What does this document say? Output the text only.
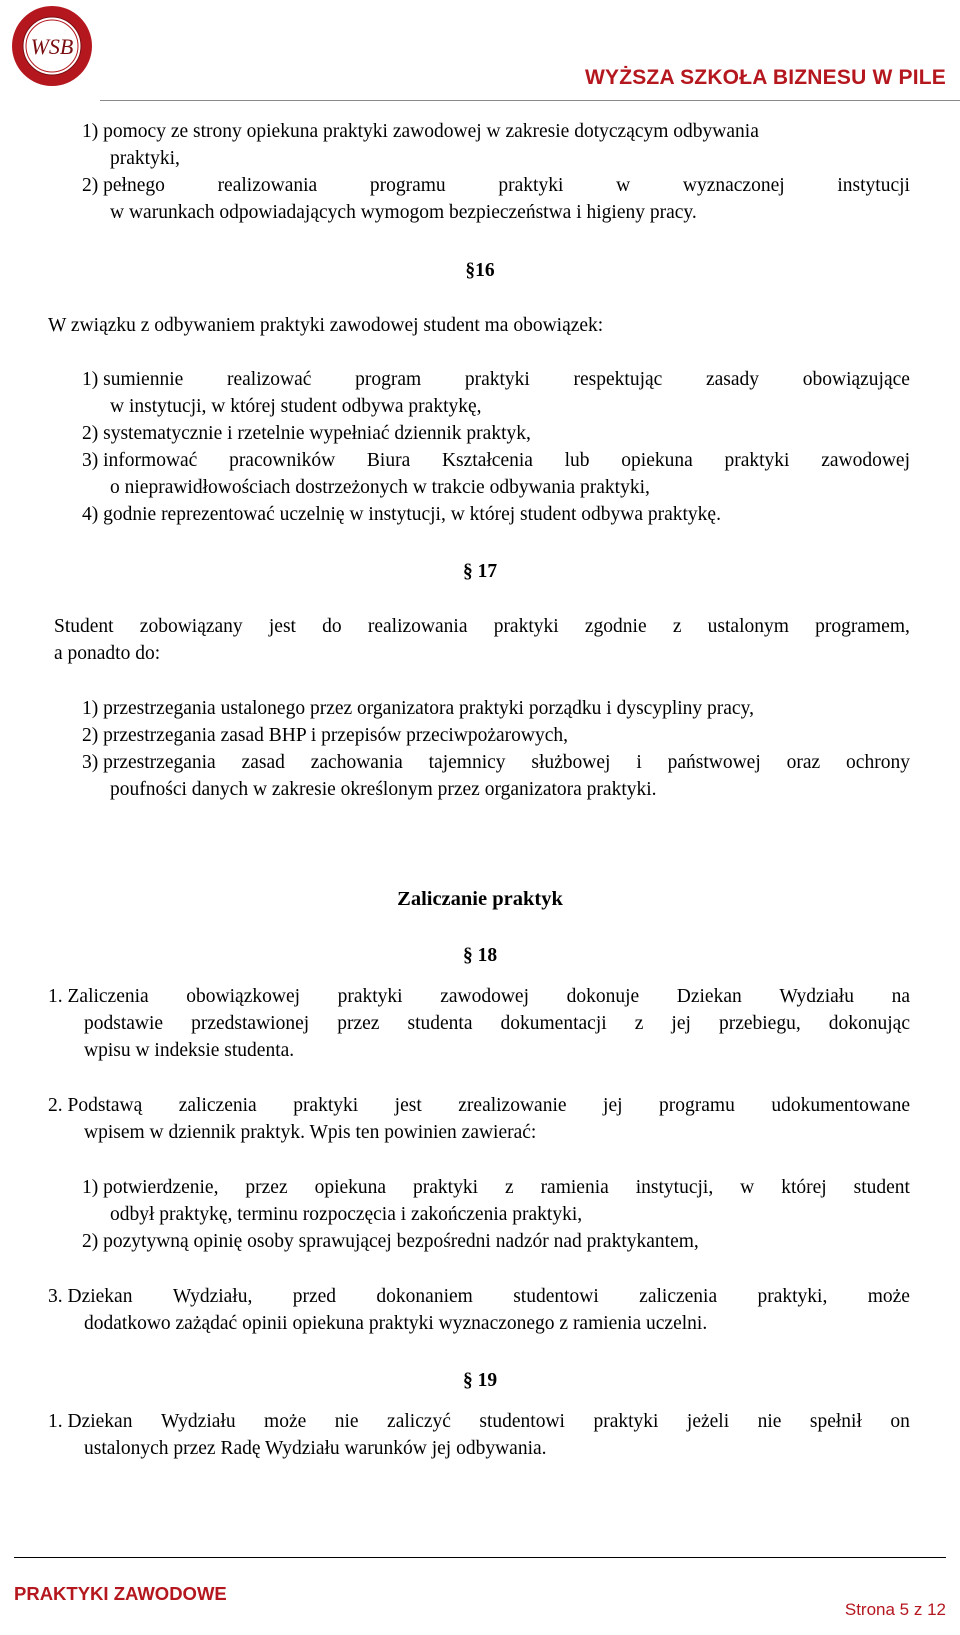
WSB
WYŻSZA SZKOŁA BIZNESU W PILE
1) pomocy ze strony opiekuna praktyki zawodowej w zakresie dotyczącym odbywania
praktyki,
2) pełnego	realizowania	programu	praktyki	w	wyznaczonej	instytucji
w warunkach odpowiadających wymogom bezpieczeństwa i higieny pracy.
§16
W związku z odbywaniem praktyki zawodowej student ma obowiązek:
1) sumiennie realizować program praktyki respektując zasady obowiązujące
w instytucji, w której student odbywa praktykę,
2) systematycznie i rzetelnie wypełniać dziennik praktyk,
3) informować pracowników Biura Kształcenia lub opiekuna praktyki zawodowej
o nieprawidłowościach dostrzeżonych w trakcie odbywania praktyki,
4) godnie reprezentować uczelnię w instytucji, w której student odbywa praktykę.
§ 17
Student zobowiązany jest do realizowania praktyki zgodnie z ustalonym programem,
a ponadto do:
1) przestrzegania ustalonego przez organizatora praktyki porządku i dyscypliny pracy,
2) przestrzegania zasad BHP i przepisów przeciwpożarowych,
3) przestrzegania zasad zachowania tajemnicy służbowej i państwowej oraz ochrony
poufności danych w zakresie określonym przez organizatora praktyki.
Zaliczanie praktyk
§ 18
1. Zaliczenia obowiązkowej praktyki zawodowej dokonuje Dziekan Wydziału na
podstawie przedstawionej przez studenta dokumentacji z jej przebiegu, dokonując
wpisu w indeksie studenta.
2. Podstawą zaliczenia praktyki jest zrealizowanie jej programu udokumentowane
wpisem w dziennik praktyk. Wpis ten powinien zawierać:
1) potwierdzenie, przez opiekuna praktyki z ramienia instytucji, w której student
odbył praktykę, terminu rozpoczęcia i zakończenia praktyki,
2) pozytywną opinię osoby sprawującej bezpośredni nadzór nad praktykantem,
3. Dziekan Wydziału, przed dokonaniem studentowi zaliczenia praktyki, może
dodatkowo zażądać opinii opiekuna praktyki wyznaczonego z ramienia uczelni.
§ 19
1. Dziekan Wydziału może nie zaliczyć studentowi praktyki jeżeli nie spełnił on
ustalonych przez Radę Wydziału warunków jej odbywania.
PRAKTYKI ZAWODOWE
Strona 5 z 12
